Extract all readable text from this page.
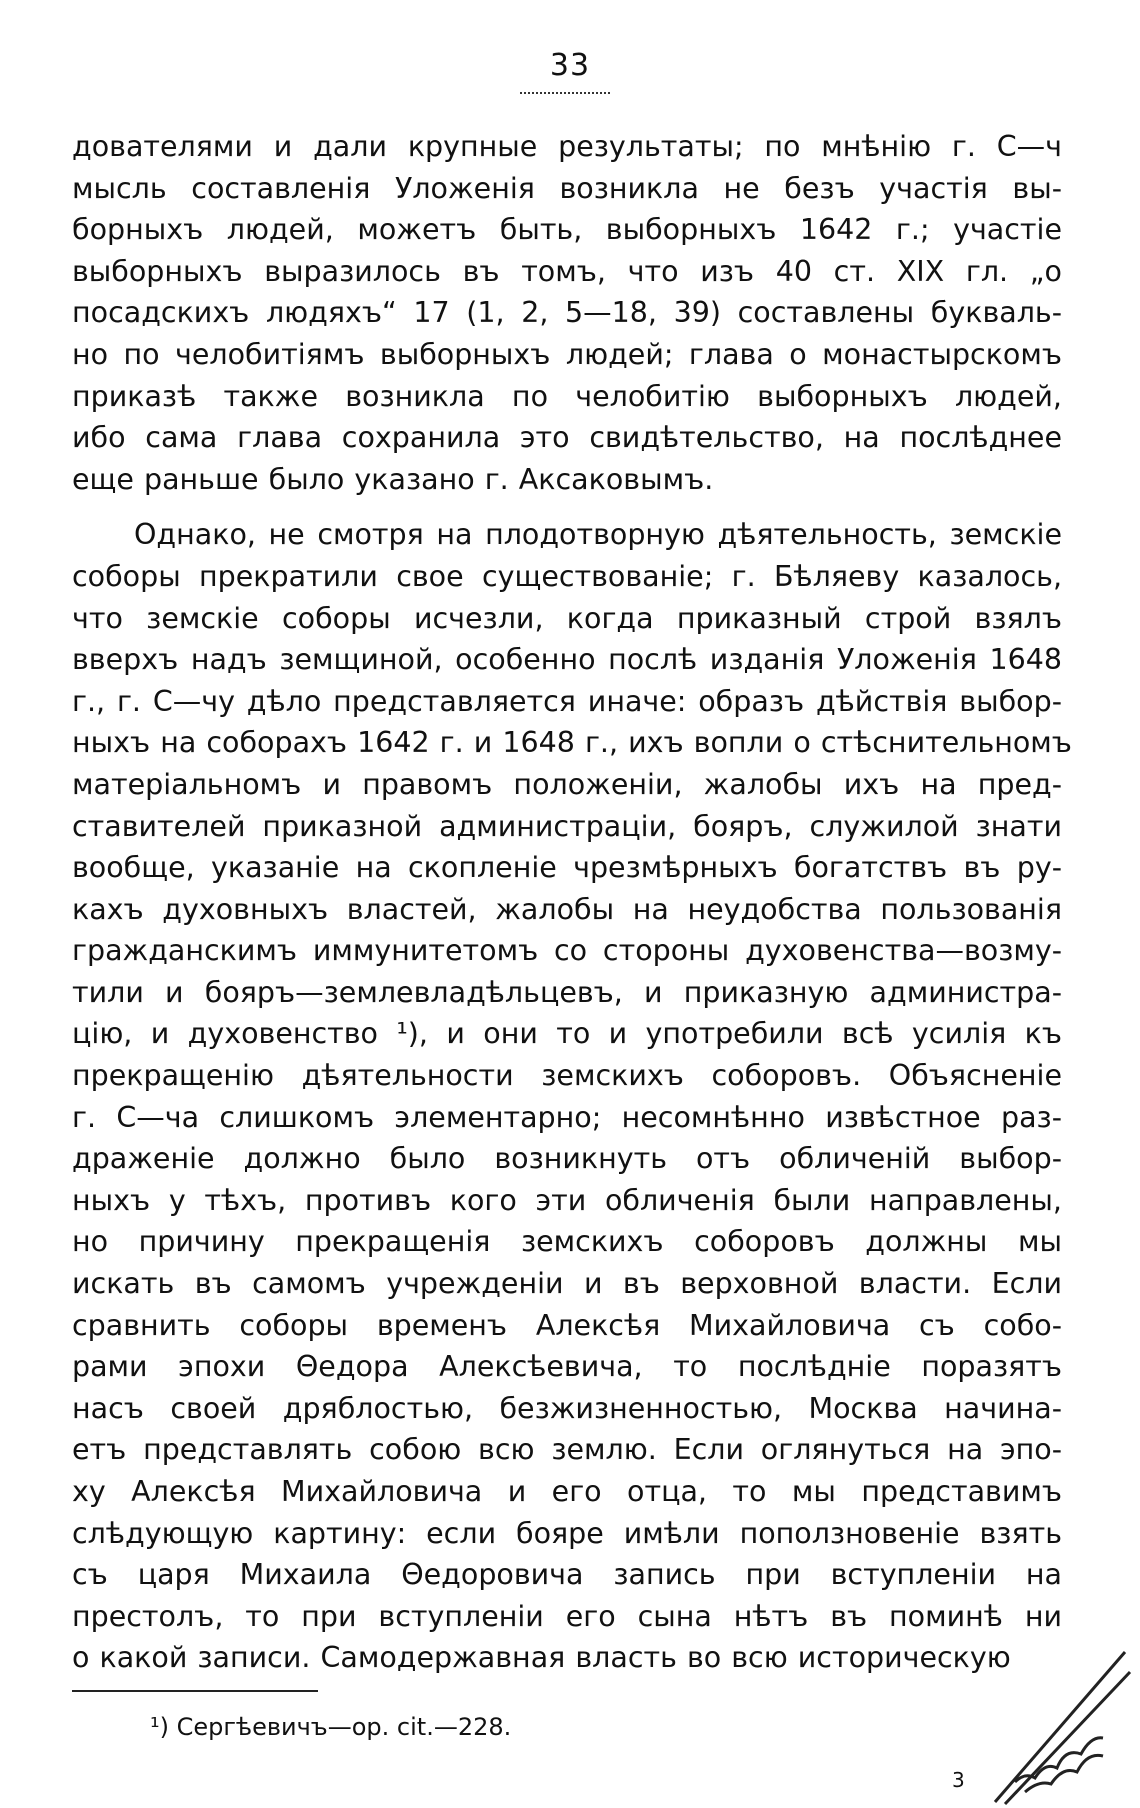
33
дователями и дали крупные результаты; по мнѣнію г. С—ч
мысль составленія Уложенія возникла не безъ участія вы-
борныхъ людей, можетъ быть, выборныхъ 1642 г.; участіе
выборныхъ выразилось въ томъ, что изъ 40 ст. XIX гл. „о
посадскихъ людяхъ“ 17 (1, 2, 5—18, 39) составлены букваль-
но по челобитіямъ выборныхъ людей; глава о монастырскомъ
приказѣ также возникла по челобитію выборныхъ людей,
ибо сама глава сохранила это свидѣтельство, на послѣднее
еще раньше было указано г. Аксаковымъ.
Однако, не смотря на плодотворную дѣятельность, земскіе
соборы прекратили свое существованіе; г. Бѣляеву казалось,
что земскіе соборы исчезли, когда приказный строй взялъ
вверхъ надъ земщиной, особенно послѣ изданія Уложенія 1648
г., г. С—чу дѣло представляется иначе: образъ дѣйствія выбор-
ныхъ на соборахъ 1642 г. и 1648 г., ихъ вопли о стѣснительномъ
матеріальномъ и правомъ положеніи, жалобы ихъ на пред-
ставителей приказной администраціи, бояръ, служилой знати
вообще, указаніе на скопленіе чрезмѣрныхъ богатствъ въ ру-
кахъ духовныхъ властей, жалобы на неудобства пользованія
гражданскимъ иммунитетомъ со стороны духовенства—возму-
тили и бояръ—землевладѣльцевъ, и приказную администра-
цію, и духовенство ¹), и они то и употребили всѣ усилія къ
прекращенію дѣятельности земскихъ соборовъ. Объясненіе
г. С—ча слишкомъ элементарно; несомнѣнно извѣстное раз-
драженіе должно было возникнуть отъ обличеній выбор-
ныхъ у тѣхъ, противъ кого эти обличенія были направлены,
но причину прекращенія земскихъ соборовъ должны мы
искать въ самомъ учрежденіи и въ верховной власти. Если
сравнить соборы временъ Алексѣя Михайловича съ собо-
рами эпохи Θедора Алексѣевича, то послѣдніе поразятъ
насъ своей дряблостью, безжизненностью, Москва начина-
етъ представлять собою всю землю. Если оглянуться на эпо-
ху Алексѣя Михайловича и его отца, то мы представимъ
слѣдующую картину: если бояре имѣли поползновеніе взять
съ царя Михаила Θедоровича запись при вступленіи на
престолъ, то при вступленіи его сына нѣтъ въ поминѣ ни
о какой записи. Самодержавная власть во всю историческую
¹) Сергѣевичъ—ор. cit.—228.
3
